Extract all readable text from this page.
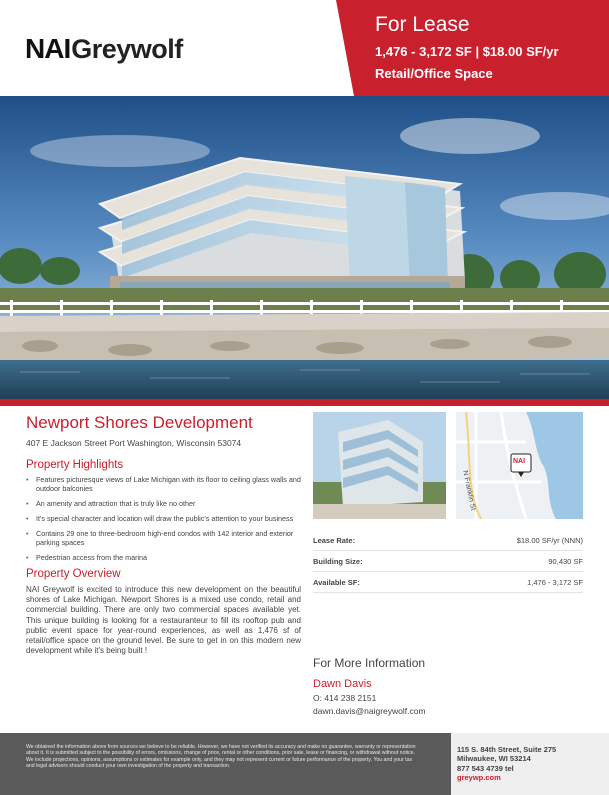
NAI Greywolf
For Lease
1,476 - 3,172 SF | $18.00 SF/yr
Retail/Office Space
Newport Shores Development
407 E Jackson Street Port Washington, Wisconsin 53074
Property Highlights
• Features picturesque views of Lake Michigan with its floor to ceiling glass walls and outdoor balconies
• An amenity and attraction that is truly like no other
• It's special character and location will draw the public's attention to your business
• Contains 29 one to three-bedroom high-end condos with 142 interior and exterior parking spaces
• Pedestrian access from the marina
Property Overview
NAI Greywolf is excited to introduce this new development on the beautiful shores of Lake Michigan. Newport Shores is a mixed use condo, retail and commercial building. There are only two commercial spaces available yet. This unique building is looking for a restauranteur to fill its rooftop pub and public event space for year-round experiences, as well as 1,476 sf of retail/office space on the ground level. Be sure to get in on this modern new development while it's being built !
NAI
N Franklin St
Lease Rate:	$18.00 SF/yr (NNN)
Building Size:	90,430 SF
Available SF:	1,476 - 3,172 SF
For More Information
Dawn Davis
O: 414 238 2151
dawn.davis@naigreywolf.com
We obtained the information above from sources we believe to be reliable. However, we have not verified its accuracy and make no guarantee, warranty or representation about it. It is submitted subject to the possibility of errors, omissions, change of price, rental or other conditions, prior sale, lease or financing, or withdrawal without notice. We include projections, opinions, assumptions or estimates for example only, and they may not represent current or future performance of the property. You and your tax and legal advisors should conduct your own investigation of the property and transaction.
115 S. 84th Street, Suite 275
Milwaukee, WI 53214
877 543 4739 tel
greywp.com
